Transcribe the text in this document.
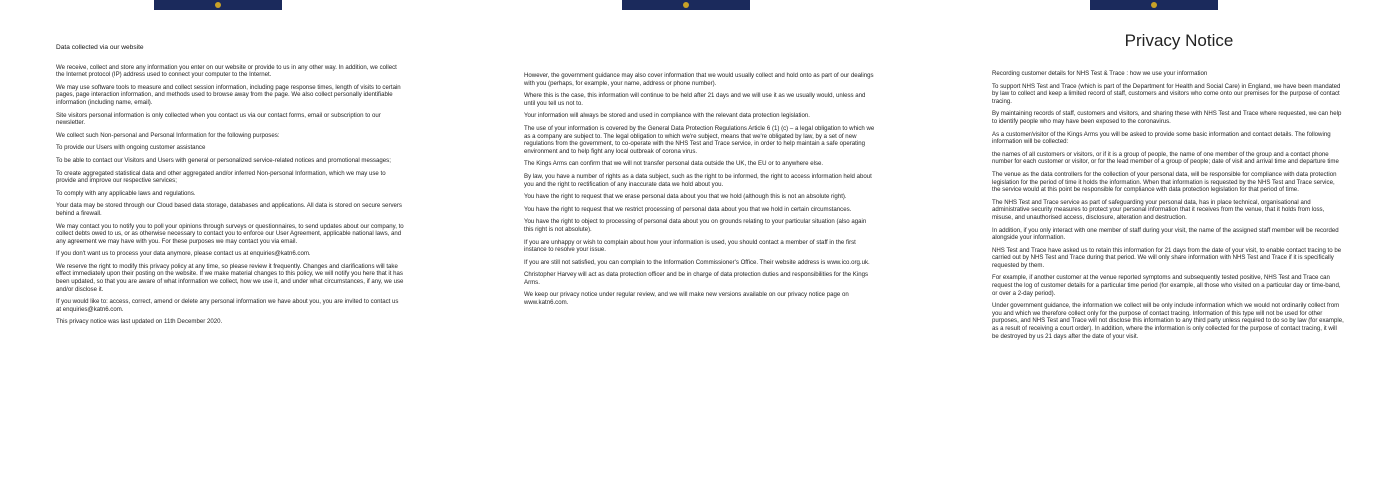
Data collected via our website

We receive, collect and store any information you enter on our website or provide to us in any other way. In addition, we collect the Internet protocol (IP) address used to connect your computer to the Internet.

We may use software tools to measure and collect session information, including page response times, length of visits to certain pages, page interaction information, and methods used to browse away from the page. We also collect personally identifiable information (including name, email).

Site visitors personal information is only collected when you contact us via our contact forms, email or subscription to our newsletter.

We collect such Non-personal and Personal Information for the following purposes:

To provide our Users with ongoing customer assistance

To be able to contact our Visitors and Users with general or personalized service-related notices and promotional messages;

To create aggregated statistical data and other aggregated and/or inferred Non-personal Information, which we may use to provide and improve our respective services;

To comply with any applicable laws and regulations.

Your data may be stored through our Cloud based data storage, databases and applications. All data is stored on secure servers behind a firewall.

We may contact you to notify you to poll your opinions through surveys or questionnaires, to send updates about our company, to collect debts owed to us, or as otherwise necessary to contact you to enforce our User Agreement, applicable national laws, and any agreement we may have with you. For these purposes we may contact you via email.

If you don't want us to process your data anymore, please contact us at enquiries@katn6.com.

We reserve the right to modify this privacy policy at any time, so please review it frequently. Changes and clarifications will take effect immediately upon their posting on the website. If we make material changes to this policy, we will notify you here that it has been updated, so that you are aware of what information we collect, how we use it, and under what circumstances, if any, we use and/or disclose it.

If you would like to: access, correct, amend or delete any personal information we have about you, you are invited to contact us at enquiries@katn6.com.

This privacy notice was last updated on 11th December 2020.

However, the government guidance may also cover information that we would usually collect and hold onto as part of our dealings with you (perhaps, for example, your name, address or phone number).

Where this is the case, this information will continue to be held after 21 days and we will use it as we usually would, unless and until you tell us not to.

Your information will always be stored and used in compliance with the relevant data protection legislation.

The use of your information is covered by the General Data Protection Regulations Article 6 (1) (c) – a legal obligation to which we as a company are subject to. The legal obligation to which we're subject, means that we're obligated by law, by a set of new regulations from the government, to co-operate with the NHS Test and Trace service, in order to help maintain a safe operating environment and to help fight any local outbreak of corona virus.

The Kings Arms can confirm that we will not transfer personal data outside the UK, the EU or to anywhere else.

By law, you have a number of rights as a data subject, such as the right to be informed, the right to access information held about you and the right to rectification of any inaccurate data we hold about you.

You have the right to request that we erase personal data about you that we hold (although this is not an absolute right).

You have the right to request that we restrict processing of personal data about you that we hold in certain circumstances.

You have the right to object to processing of personal data about you on grounds relating to your particular situation (also again this right is not absolute).

If you are unhappy or wish to complain about how your information is used, you should contact a member of staff in the first instance to resolve your issue.

If you are still not satisfied, you can complain to the Information Commissioner's Office. Their website address is www.ico.org.uk.

Christopher Harvey will act as data protection officer and be in charge of data protection duties and responsibilities for the Kings Arms.

We keep our privacy notice under regular review, and we will make new versions available on our privacy notice page on www.katn6.com.

Privacy Notice

Recording customer details for NHS Test & Trace : how we use your information

To support NHS Test and Trace (which is part of the Department for Health and Social Care) in England, we have been mandated by law to collect and keep a limited record of staff, customers and visitors who come onto our premises for the purpose of contact tracing.

By maintaining records of staff, customers and visitors, and sharing these with NHS Test and Trace where requested, we can help to identify people who may have been exposed to the coronavirus.

As a customer/visitor of the Kings Arms you will be asked to provide some basic information and contact details. The following information will be collected:

the names of all customers or visitors, or if it is a group of people, the name of one member of the group and a contact phone number for each customer or visitor, or for the lead member of a group of people; date of visit and arrival time and departure time

The venue as the data controllers for the collection of your personal data, will be responsible for compliance with data protection legislation for the period of time it holds the information. When that information is requested by the NHS Test and Trace service, the service would at this point be responsible for compliance with data protection legislation for that period of time.

The NHS Test and Trace service as part of safeguarding your personal data, has in place technical, organisational and administrative security measures to protect your personal information that it receives from the venue, that it holds from loss, misuse, and unauthorised access, disclosure, alteration and destruction.

In addition, if you only interact with one member of staff during your visit, the name of the assigned staff member will be recorded alongside your information.

NHS Test and Trace have asked us to retain this information for 21 days from the date of your visit, to enable contact tracing to be carried out by NHS Test and Trace during that period. We will only share information with NHS Test and Trace if it is specifically requested by them.

For example, if another customer at the venue reported symptoms and subsequently tested positive, NHS Test and Trace can request the log of customer details for a particular time period (for example, all those who visited on a particular day or time-band, or over a 2-day period).

Under government guidance, the information we collect will be only include information which we would not ordinarily collect from you and which we therefore collect only for the purpose of contact tracing. Information of this type will not be used for other purposes, and NHS Test and Trace will not disclose this information to any third party unless required to do so by law (for example, as a result of receiving a court order). In addition, where the information is only collected for the purpose of contact tracing, it will be destroyed by us 21 days after the date of your visit.
